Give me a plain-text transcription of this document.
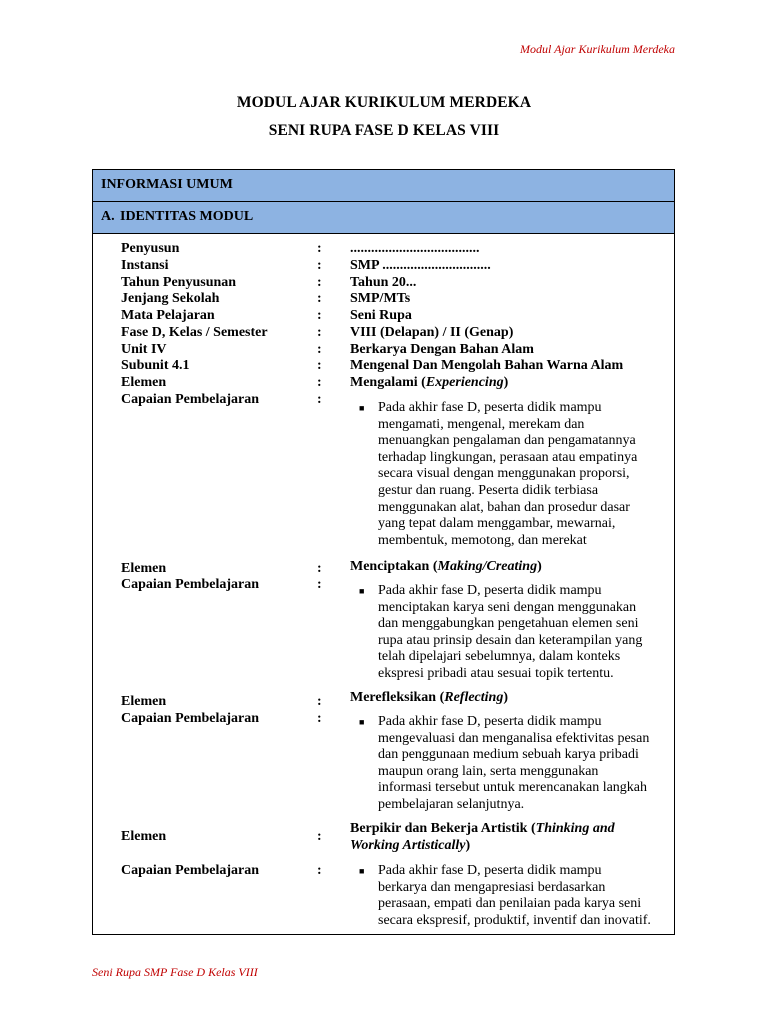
Modul Ajar Kurikulum Merdeka
MODUL AJAR KURIKULUM MERDEKA
SENI RUPA FASE D KELAS VIII
INFORMASI UMUM
A. IDENTITAS MODUL
Penyusun	: .....................................
Instansi	: SMP ...............................
Tahun Penyusunan	: Tahun 20...
Jenjang Sekolah	: SMP/MTs
Mata Pelajaran	: Seni Rupa
Fase D, Kelas / Semester	: VIII (Delapan) / II (Genap)
Unit IV	: Berkarya Dengan Bahan Alam
Subunit 4.1	: Mengenal Dan Mengolah Bahan Warna Alam
Elemen	: Mengalami (Experiencing)
Capaian Pembelajaran	:
■ Pada akhir fase D, peserta didik mampu
mengamati, mengenal, merekam dan
menuangkan pengalaman dan pengamatannya
terhadap lingkungan, perasaan atau empatinya
secara visual dengan menggunakan proporsi,
gestur dan ruang. Peserta didik terbiasa
menggunakan alat, bahan dan prosedur dasar
yang tepat dalam menggambar, mewarnai,
membentuk, memotong, dan merekat
Elemen	: Menciptakan (Making/Creating)
Capaian Pembelajaran	:	■ Pada akhir fase D, peserta didik mampu
menciptakan karya seni dengan menggunakan
dan menggabungkan pengetahuan elemen seni
rupa atau prinsip desain dan keterampilan yang
telah dipelajari sebelumnya, dalam konteks
ekspresi pribadi atau sesuai topik tertentu.
Elemen	: Merefleksikan (Reflecting)
Capaian Pembelajaran	:	■ Pada akhir fase D, peserta didik mampu
mengevaluasi dan menganalisa efektivitas pesan
dan penggunaan medium sebuah karya pribadi
maupun orang lain, serta menggunakan
informasi tersebut untuk merencanakan langkah
pembelajaran selanjutnya.
Elemen	:
Berpikir dan Bekerja Artistik (Thinking and
Working Artistically)
Capaian Pembelajaran	:	■ Pada akhir fase D, peserta didik mampu
berkarya dan mengapresiasi berdasarkan
perasaan, empati dan penilaian pada karya seni
secara ekspresif, produktif, inventif dan inovatif.
Seni Rupa SMP Fase D Kelas VIII
